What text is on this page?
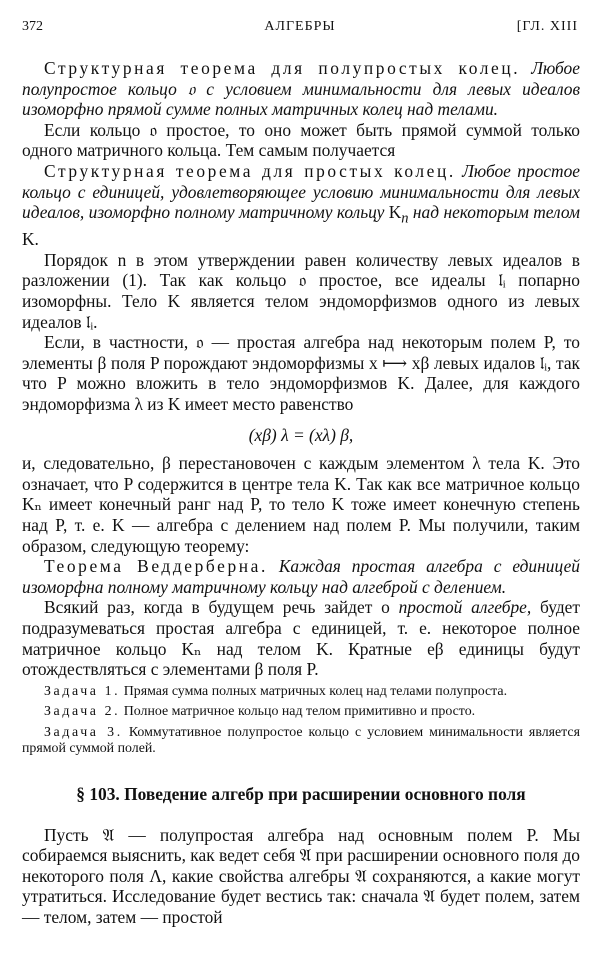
372	АЛГЕБРЫ	[ГЛ. XIII

Структурная теорема для полупростых колец. Любое полупростое кольцо 𝔬 с условием минимальности для левых идеалов изоморфно прямой сумме полных матричных колец над телами.

Если кольцо 𝔬 простое, то оно может быть прямой суммой только одного матричного кольца. Тем самым получается

Структурная теорема для простых колец. Любое простое кольцо с единицей, удовлетворяющее условию минимальности для левых идеалов, изоморфно полному матричному кольцу $K_n$ над некоторым телом K.

Порядок n в этом утверждении равен количеству левых идеалов в разложении (1). Так как кольцо 𝔬 простое, все идеалы 𝔩ᵢ попарно изоморфны. Тело K является телом эндоморфизмов одного из левых идеалов 𝔩ᵢ.

Если, в частности, 𝔬 — простая алгебра над некоторым полем P, то элементы β поля P порождают эндоморфизмы x ⟼ xβ левых идалов 𝔩ᵢ, так что P можно вложить в тело эндоморфизмов K. Далее, для каждого эндоморфизма λ из K имеет место равенство

(xβ) λ = (xλ) β,

и, следовательно, β перестановочен с каждым элементом λ тела K. Это означает, что P содержится в центре тела K. Так как все матричное кольцо Kₙ имеет конечный ранг над P, то тело K тоже имеет конечную степень над P, т. е. K — алгебра с делением над полем P. Мы получили, таким образом, следующую теорему:

Теорема Веддерберна. Каждая простая алгебра с единицей изоморфна полному матричному кольцу над алгеброй с делением.

Всякий раз, когда в будущем речь зайдет о простой алгебре, будет подразумеваться простая алгебра с единицей, т. е. некоторое полное матричное кольцо Kₙ над телом K. Кратные eβ единицы будут отождествляться с элементами β поля P.

Задача 1. Прямая сумма полных матричных колец над телами полупроста.

Задача 2. Полное матричное кольцо над телом примитивно и просто.

Задача 3. Коммутативное полупростое кольцо с условием минимальности является прямой суммой полей.

§ 103. Поведение алгебр при расширении основного поля

Пусть 𝔄 — полупростая алгебра над основным полем P. Мы собираемся выяснить, как ведет себя 𝔄 при расширении основного поля до некоторого поля Λ, какие свойства алгебры 𝔄 сохраняются, а какие могут утратиться. Исследование будет вестись так: сначала 𝔄 будет полем, затем — телом, затем — простой
